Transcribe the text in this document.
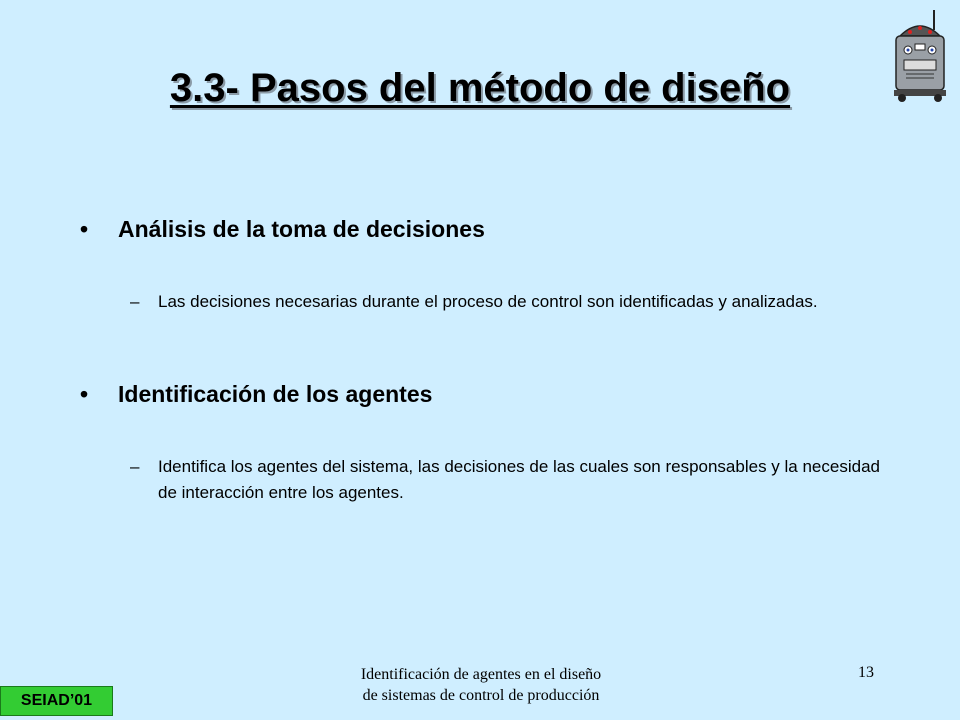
3.3- Pasos del método de diseño
• Análisis de la toma de decisiones
– Las decisiones necesarias durante el proceso de control son identificadas y analizadas.
• Identificación de los agentes
– Identifica los agentes del sistema, las decisiones de las cuales son responsables y la necesidad de interacción entre los agentes.
Identificación de agentes en el diseño
de sistemas de control de producción
13
SEIAD’01
